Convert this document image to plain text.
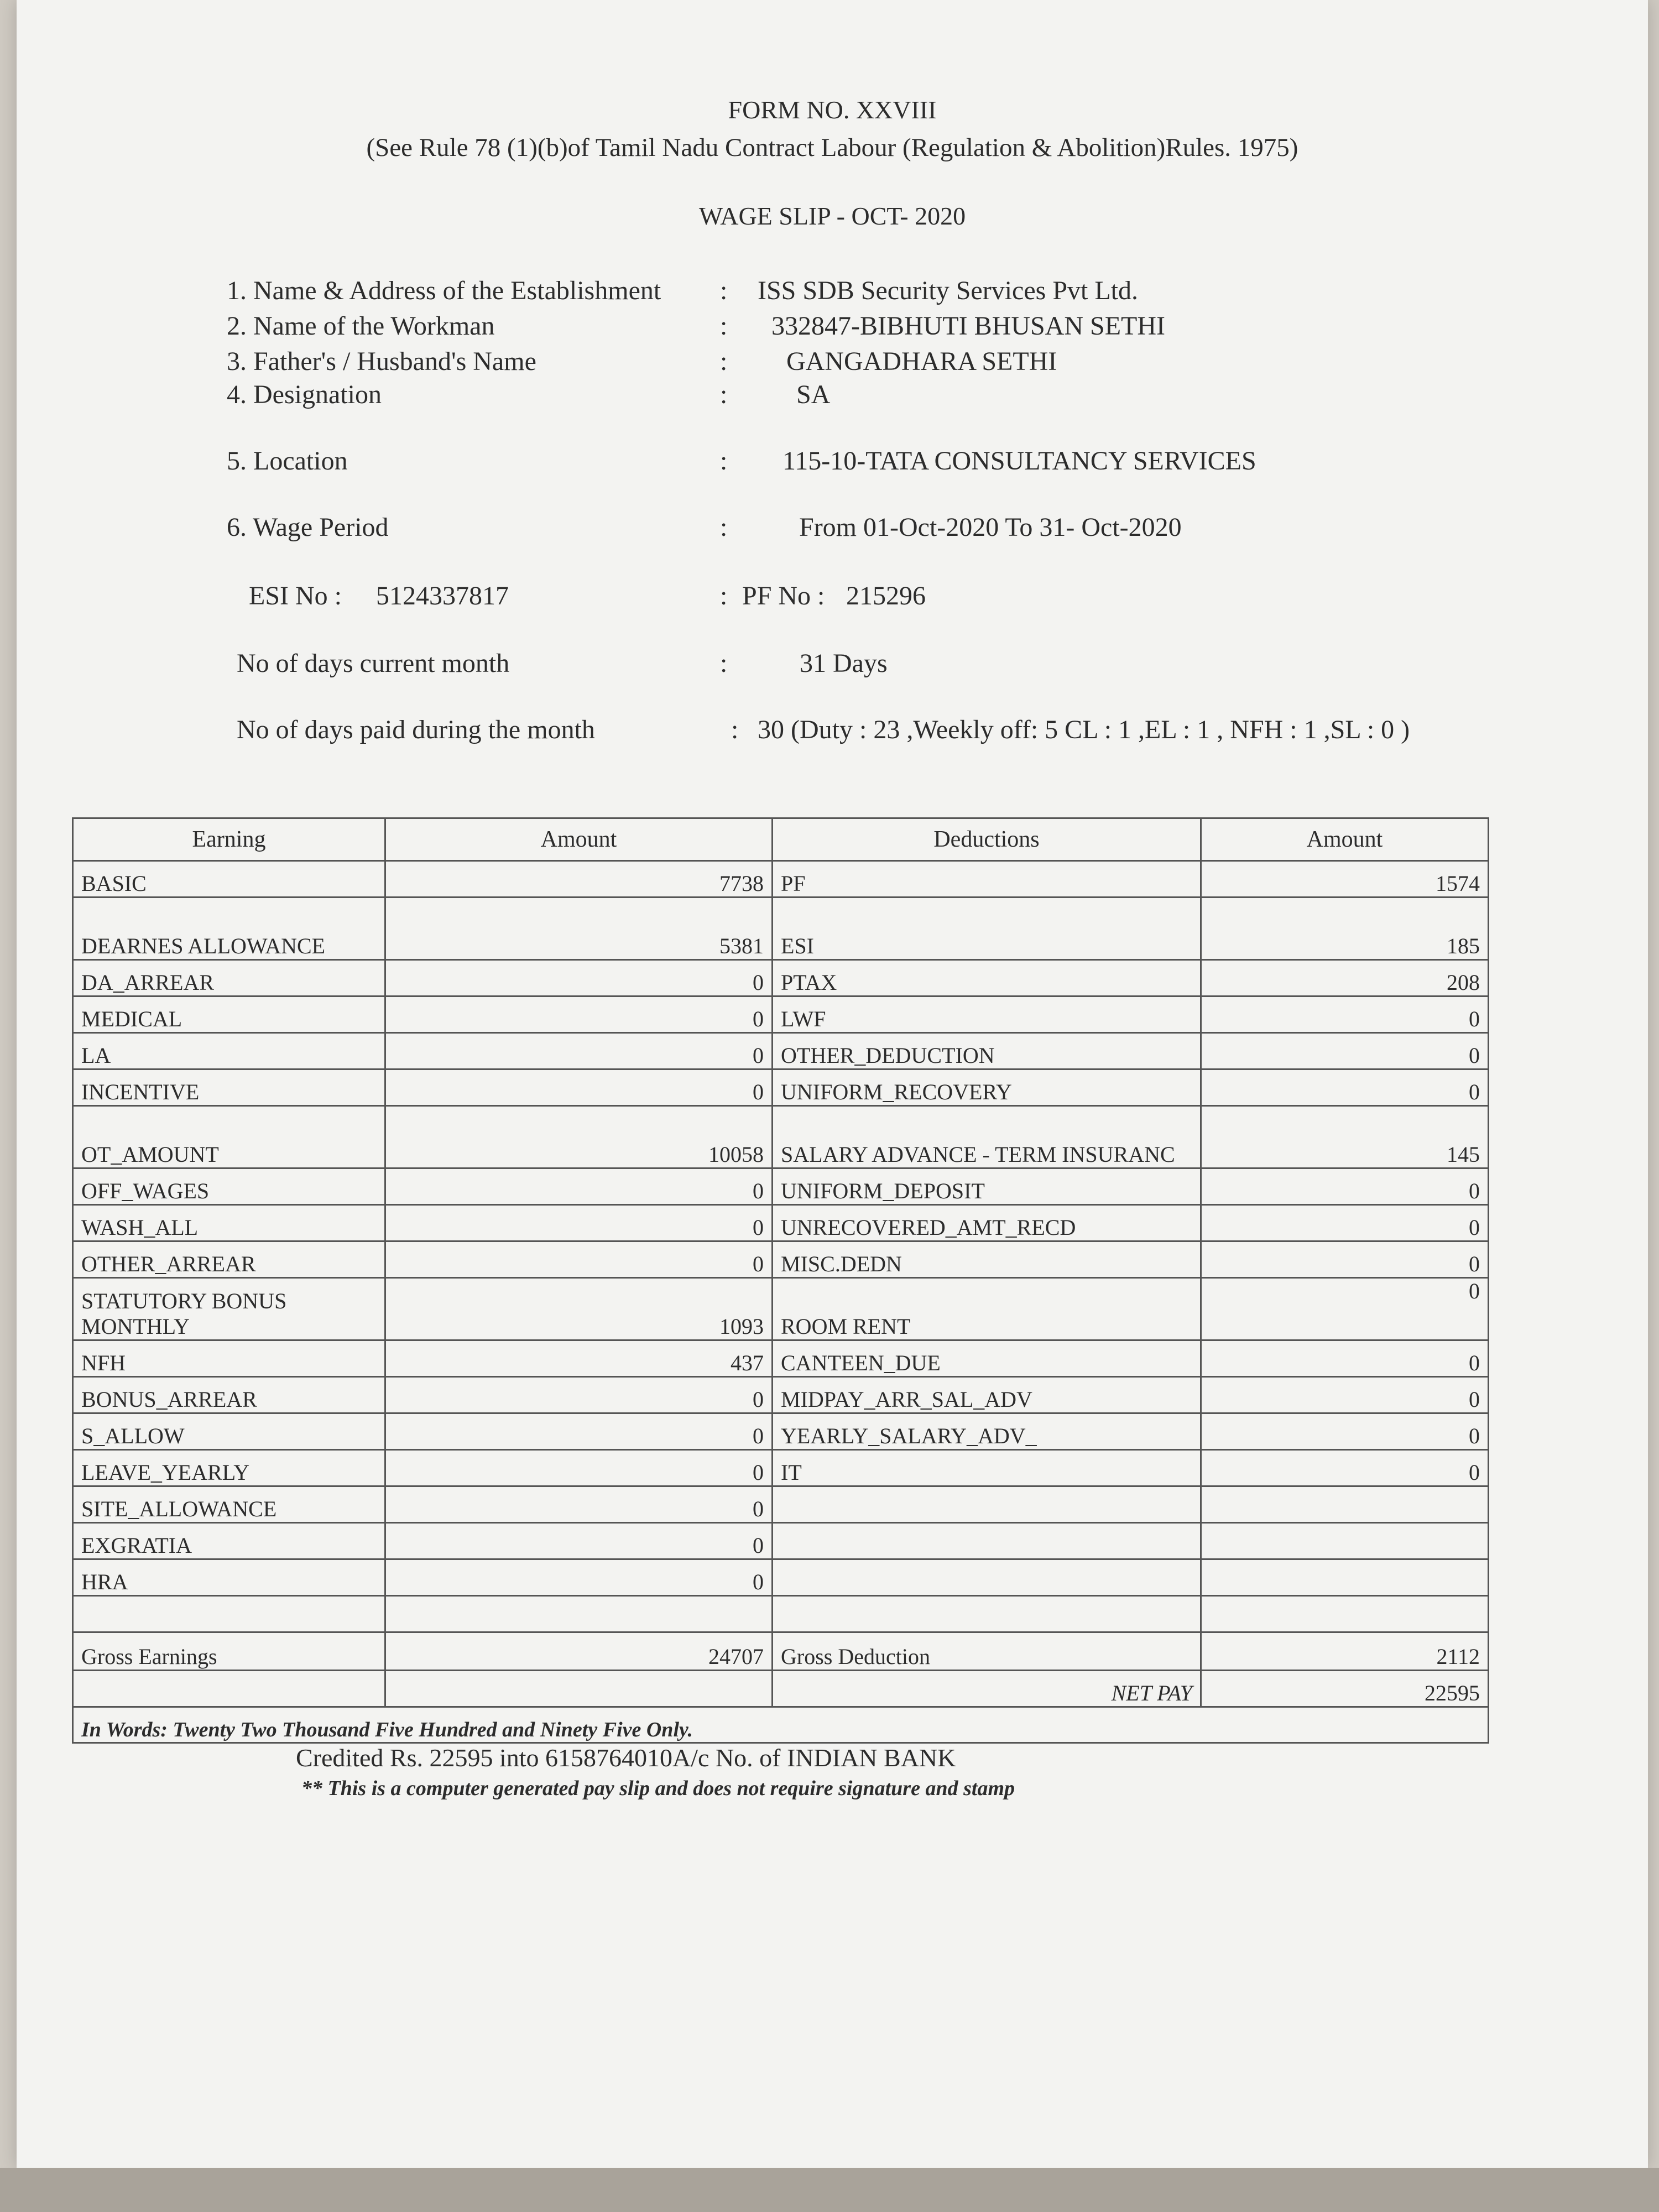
FORM NO. XXVIII
(See Rule 78 (1)(b)of Tamil Nadu Contract Labour (Regulation & Abolition)Rules. 1975)
WAGE SLIP - OCT- 2020
1. Name & Address of the Establishment : ISS SDB Security Services Pvt Ltd.
2. Name of the Workman	: 332847-BIBHUTI BHUSAN SETHI
3. Father's / Husband's Name	: GANGADHARA SETHI
4. Designation	:	SA
5. Location	: 115-10-TATA CONSULTANCY SERVICES
6. Wage Period	:	From 01-Oct-2020 To 31- Oct-2020
ESI No : 5124337817	: PF No : 215296
No of days current month	:	31 Days
No of days paid during the month	: 30 (Duty : 23 ,Weekly off: 5 CL : 1 ,EL : 1 , NFH : 1 ,SL : 0 )
Earning	Amount	Deductions	Amount
BASIC	7738	PF	1574
DEARNES ALLOWANCE	5381	ESI	185
DA_ARREAR	0	PTAX	208
MEDICAL	0	LWF	0
LA	0	OTHER_DEDUCTION	0
INCENTIVE	0	UNIFORM_RECOVERY	0
OT_AMOUNT	10058	SALARY ADVANCE - TERM INSURANC	145
OFF_WAGES	0	UNIFORM_DEPOSIT	0
WASH_ALL	0	UNRECOVERED_AMT_RECD	0
OTHER_ARREAR	0	MISC.DEDN	0
STATUTORY BONUS MONTHLY	1093	ROOM RENT	0
NFH	437	CANTEEN_DUE	0
BONUS_ARREAR	0	MIDPAY_ARR_SAL_ADV	0
S_ALLOW	0	YEARLY_SALARY_ADV_	0
LEAVE_YEARLY	0	IT	0
SITE_ALLOWANCE	0		
EXGRATIA	0		
HRA	0		

Gross Earnings	24707	Gross Deduction	2112
		NET PAY	22595
In Words: Twenty Two Thousand Five Hundred and Ninety Five Only.			
Credited Rs. 22595 into 6158764010A/c No. of INDIAN BANK
** This is a computer generated pay slip and does not require signature and stamp
